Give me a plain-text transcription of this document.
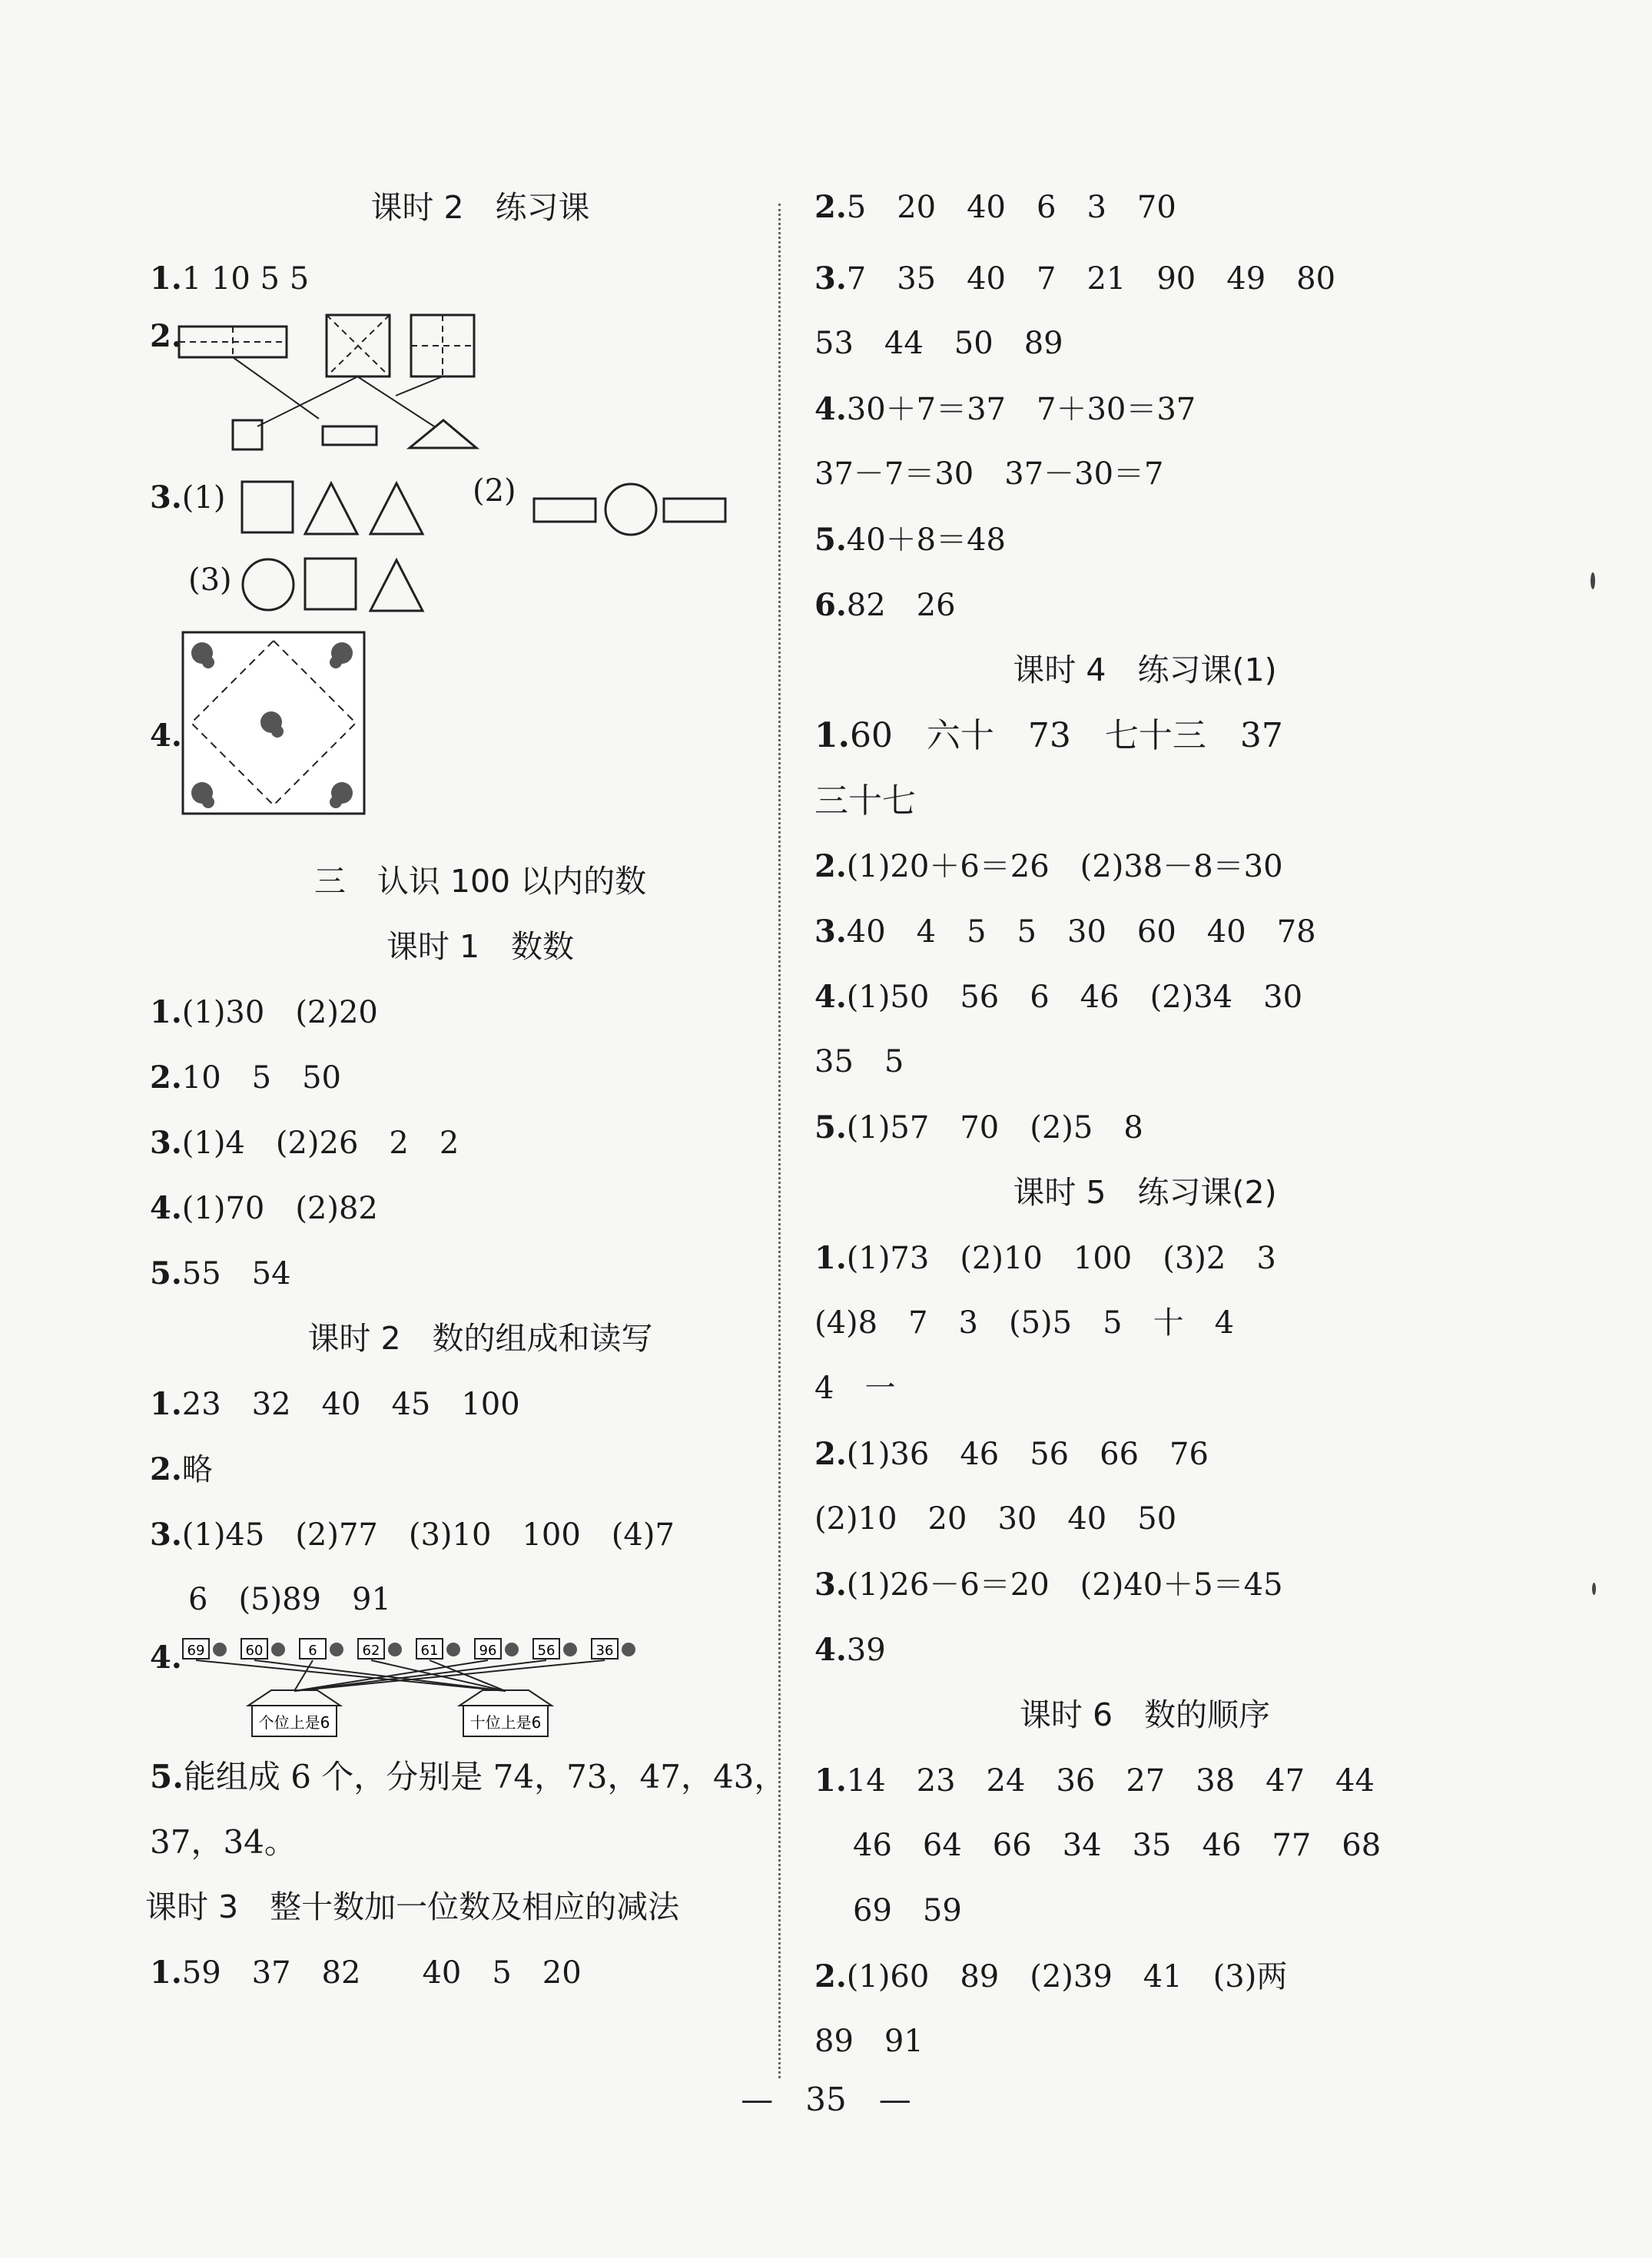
课时 2　练习课
1.1 10 5 5
2.
3.(1)	(2)
(3)
4.
三　认识 100 以内的数
课时 1　数数
1.(1)30　(2)20
2.10　5　50
3.(1)4　(2)26　2　2
4.(1)70　(2)82
5.55　54
课时 2　数的组成和读写
1.23　32　40　45　100
2.略
3.(1)45　(2)77　(3)10　100　(4)7
6　(5)89　91
4. 69	60	6	62	61	96	56	36
个位上是6	十位上是6
5.能组成 6 个，分别是 74，73，47，43，
37，34。
课时 3　整十数加一位数及相应的减法
1.59　37　82　　40　5　20
2.5　20　40　6　3　70
3.7　35　40　7　21　90　49　80
53　44　50　89
4.30＋7＝37　7＋30＝37
37－7＝30　37－30＝7
5.40＋8＝48
6.82　26
课时 4　练习课(1)
1.60　六十　73　七十三　37
三十七
2.(1)20＋6＝26　(2)38－8＝30
3.40　4　5　5　30　60　40　78
4.(1)50　56　6　46　(2)34　30
35　5
5.(1)57　70　(2)5　8
课时 5　练习课(2)
1.(1)73　(2)10　100　(3)2　3
(4)8　7　3　(5)5　5　十　4
4　一
2.(1)36　46　56　66　76
(2)10　20　30　40　50
3.(1)26－6＝20　(2)40＋5＝45
4.39
课时 6　数的顺序
1.14　23　24　36　27　38　47　44
46　64　66　34　35　46　77　68
69　59
2.(1)60　89　(2)39　41　(3)两
89　91
—　35　—
